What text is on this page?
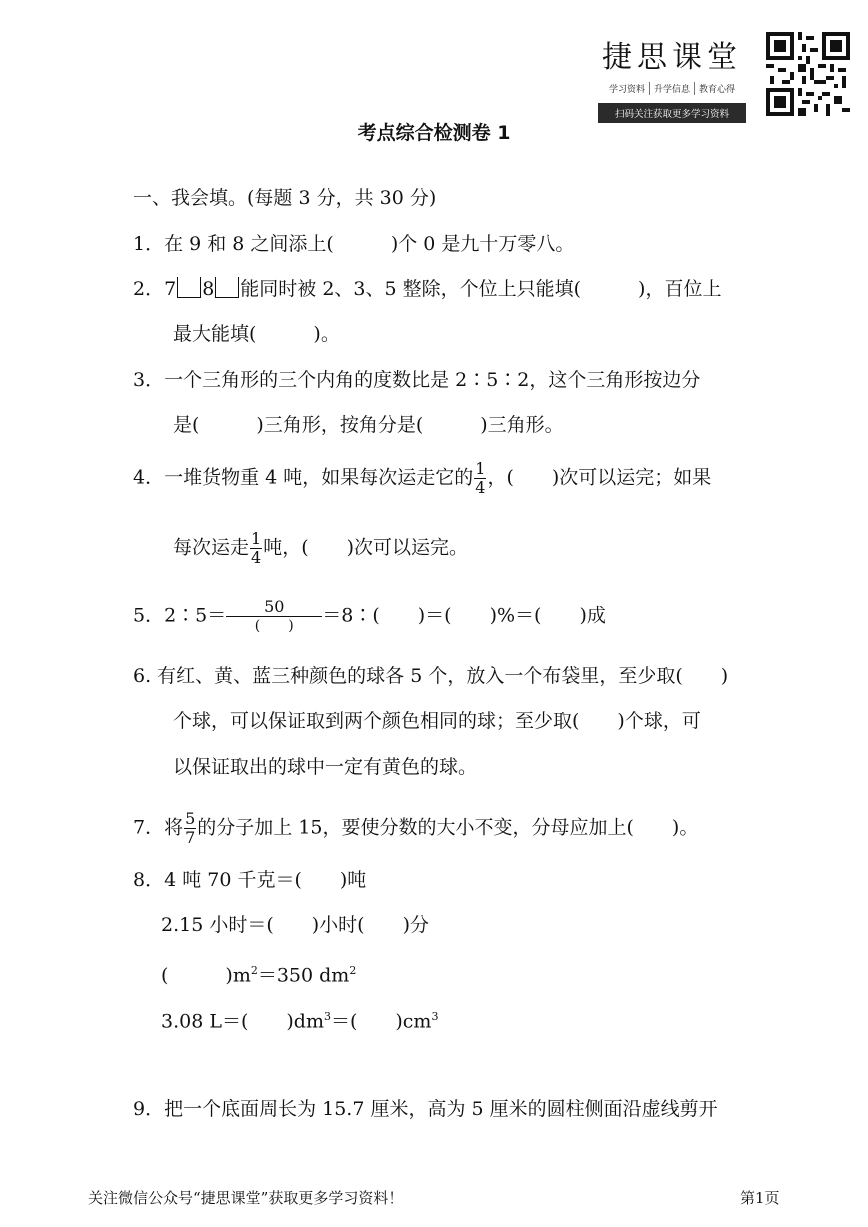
捷思课堂
学习资料	升学信息	教育心得
扫码关注获取更多学习资料
考点综合检测卷 1
一、我会填。(每题 3 分，共 30 分)
1．在 9 和 8 之间添上(　　　)个 0 是九十万零八。
2．7 8 能同时被 2、3、5 整除，个位上只能填(　　　)，百位上
最大能填(　　　)。
3．一个三角形的三个内角的度数比是 2∶5∶2，这个三角形按边分
是(　　　)三角形，按角分是(　　　)三角形。
4．一堆货物重 4 吨，如果每次运走它的 $\frac{1}{4}$ ，(　　)次可以运完；如果
每次运走 $\frac{1}{4}$ 吨，(　　)次可以运完。
5．2∶5＝ $\frac{50}{( )}$ ＝8∶(　　)＝(　　)%＝(　　)成
6. 有红、黄、蓝三种颜色的球各 5 个，放入一个布袋里，至少取(　　)
个球，可以保证取到两个颜色相同的球；至少取(　　)个球，可
以保证取出的球中一定有黄色的球。
7．将 $\frac{5}{7}$ 的分子加上 15，要使分数的大小不变，分母应加上(　　)。
8．4 吨 70 千克＝(　　)吨
2.15 小时＝(　　)小时(　　)分
(　　　)$m^2=350$ $dm^2$
3.08 L＝(　　)$dm^3=$(　　)$cm^3$
9．把一个底面周长为 15.7 厘米，高为 5 厘米的圆柱侧面沿虚线剪开
关注微信公众号“捷思课堂”获取更多学习资料！	第1页
